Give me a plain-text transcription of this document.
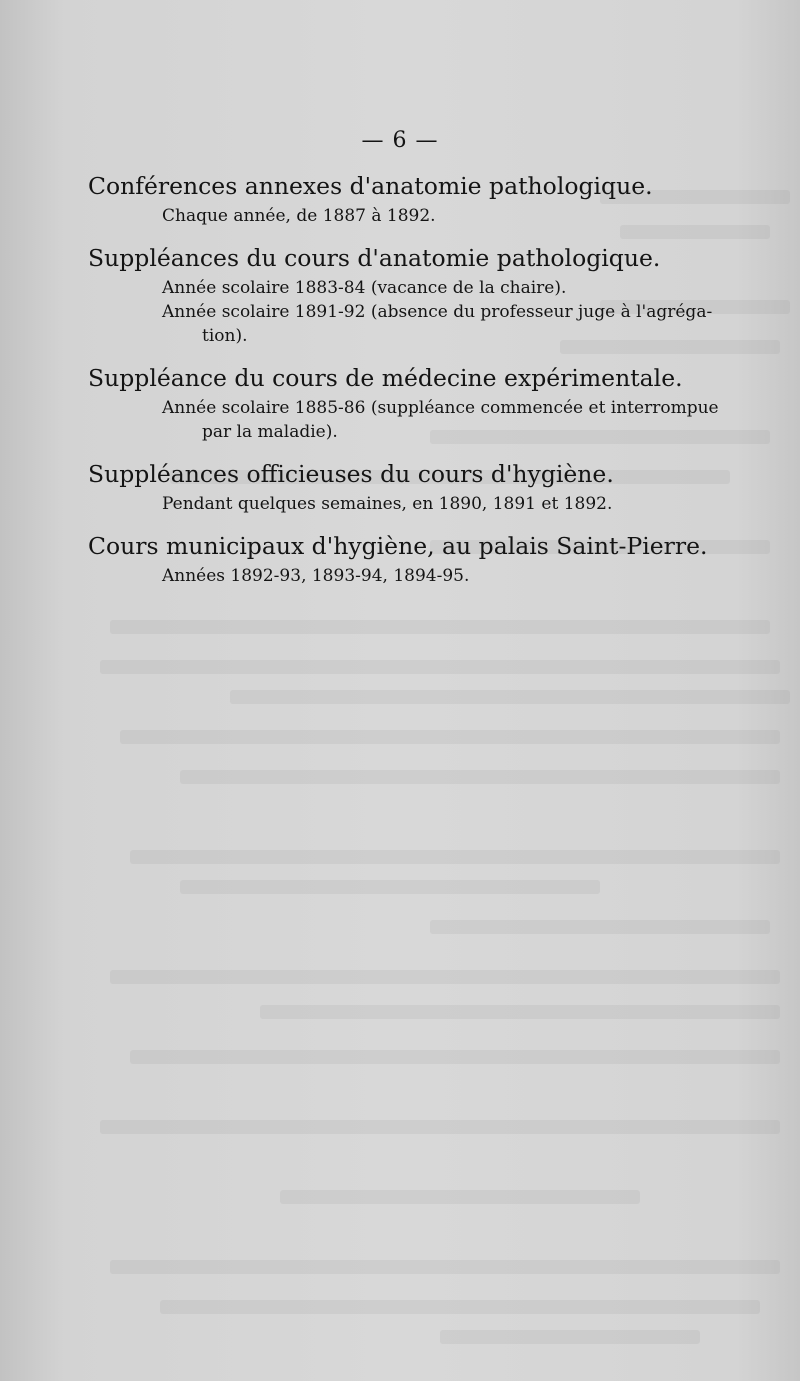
— 6 —
Conférences annexes d'anatomie pathologique.
Chaque année, de 1887 à 1892.
Suppléances du cours d'anatomie pathologique.
Année scolaire 1883-84 (vacance de la chaire).
Année scolaire 1891-92 (absence du professeur juge à l'agréga-
tion).
Suppléance du cours de médecine expérimentale.
Année scolaire 1885-86 (suppléance commencée et interrompue
par la maladie).
Suppléances officieuses du cours d'hygiène.
Pendant quelques semaines, en 1890, 1891 et 1892.
Cours municipaux d'hygiène, au palais Saint-Pierre.
Années 1892-93, 1893-94, 1894-95.
